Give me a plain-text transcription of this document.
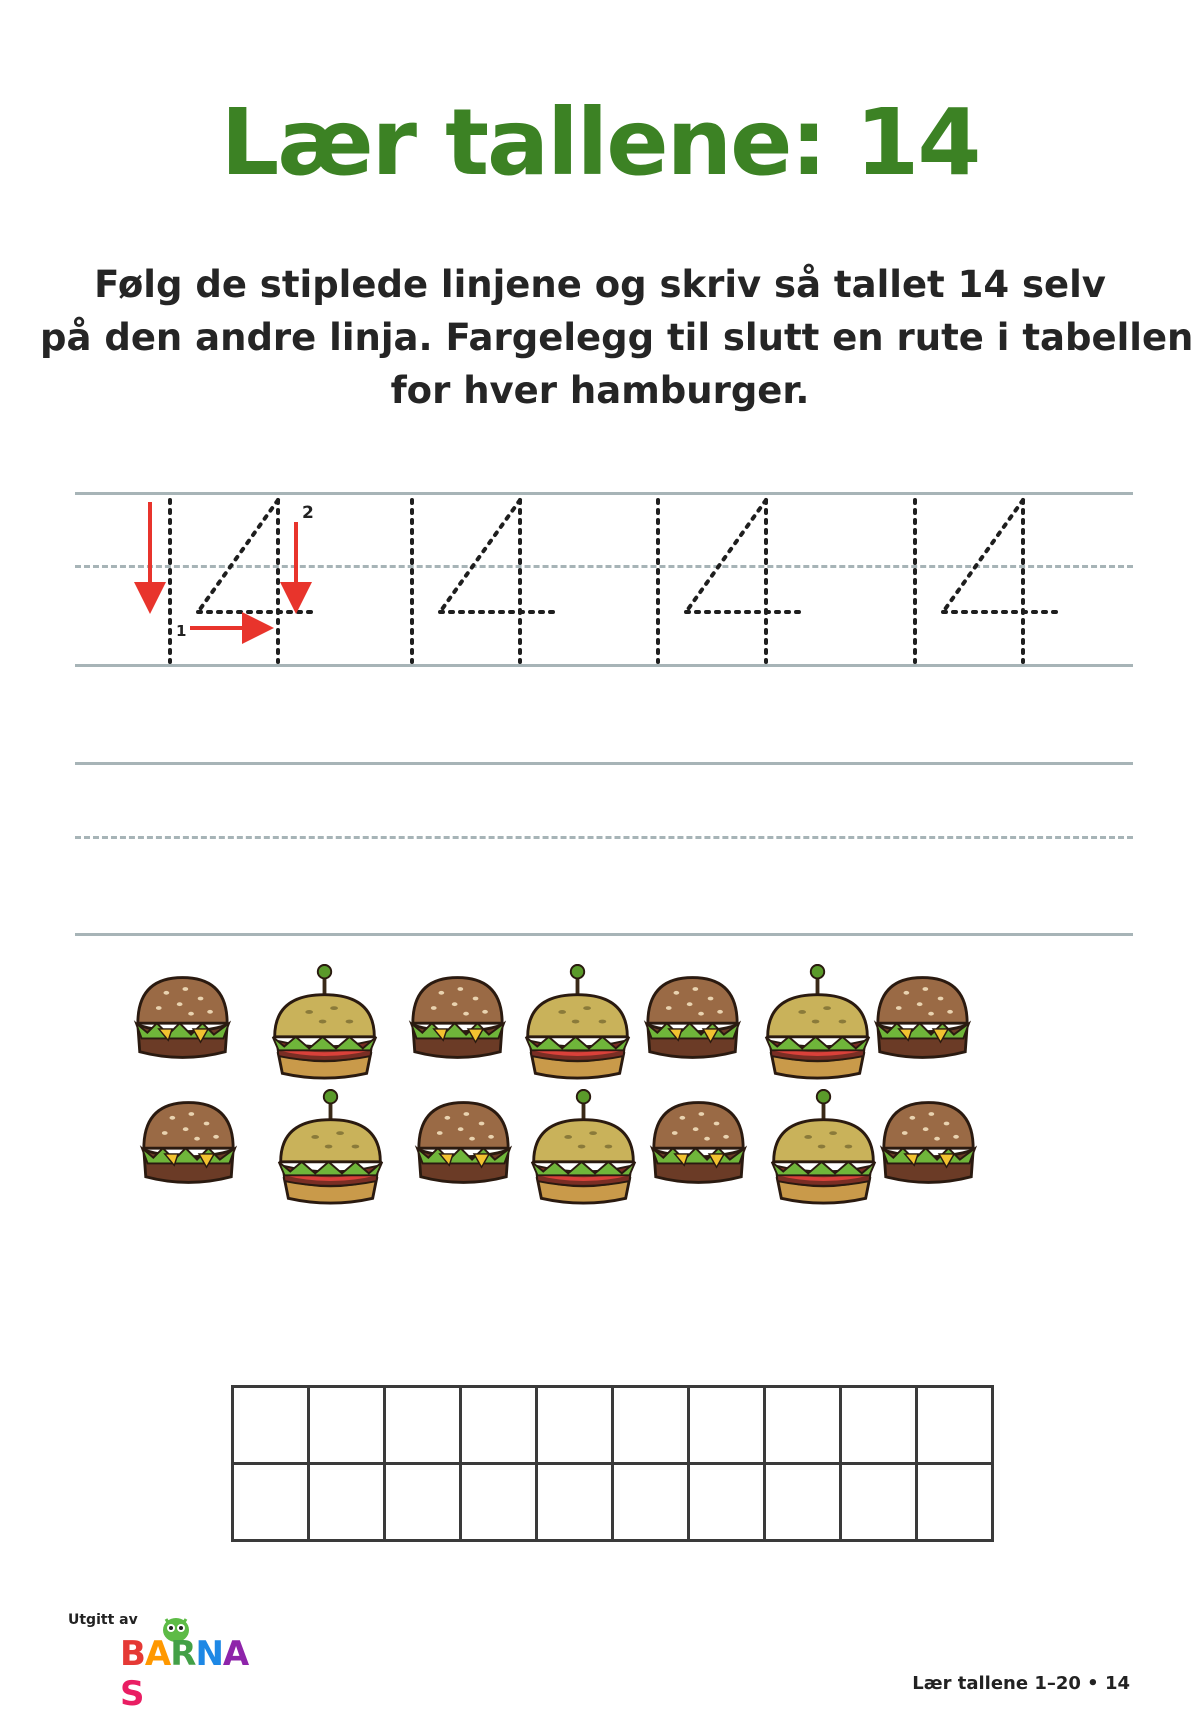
Lær tallene: 14
Følg de stiplede linjene og skriv så tallet 14 selv
på den andre linja. Fargelegg til slutt en rute i tabellen
for hver hamburger.
1
2

Utgitt av
BARNAS	Lær tallene 1–20 • 14
